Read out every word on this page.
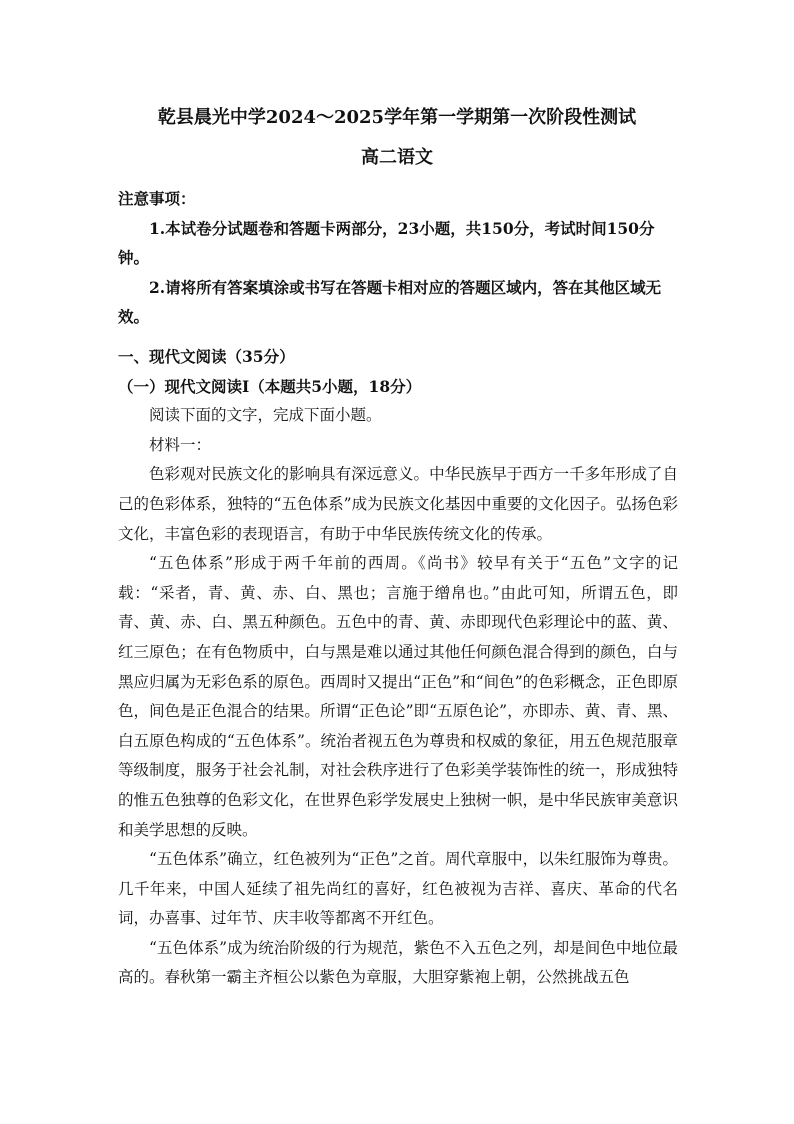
乾县晨光中学2024～2025学年第一学期第一次阶段性测试
高二语文

注意事项：

1.本试卷分试题卷和答题卡两部分，23小题，共150分，考试时间150分钟。

2.请将所有答案填涂或书写在答题卡相对应的答题区域内，答在其他区域无效。

一、现代文阅读（35分）

（一）现代文阅读Ⅰ（本题共5小题，18分）

阅读下面的文字，完成下面小题。

材料一：

色彩观对民族文化的影响具有深远意义。中华民族早于西方一千多年形成了自己的色彩体系，独特的“五色体系”成为民族文化基因中重要的文化因子。弘扬色彩文化，丰富色彩的表现语言，有助于中华民族传统文化的传承。

“五色体系”形成于两千年前的西周。《尚书》较早有关于“五色”文字的记载：“采者，青、黄、赤、白、黑也；言施于缯帛也。”由此可知，所谓五色，即青、黄、赤、白、黑五种颜色。五色中的青、黄、赤即现代色彩理论中的蓝、黄、红三原色；在有色物质中，白与黑是难以通过其他任何颜色混合得到的颜色，白与黑应归属为无彩色系的原色。西周时又提出“正色”和“间色”的色彩概念，正色即原色，间色是正色混合的结果。所谓“正色论”即“五原色论”，亦即赤、黄、青、黑、白五原色构成的“五色体系”。统治者视五色为尊贵和权威的象征，用五色规范服章等级制度，服务于社会礼制，对社会秩序进行了色彩美学装饰性的统一，形成独特的惟五色独尊的色彩文化，在世界色彩学发展史上独树一帜，是中华民族审美意识和美学思想的反映。

“五色体系”确立，红色被列为“正色”之首。周代章服中，以朱红服饰为尊贵。几千年来，中国人延续了祖先尚红的喜好，红色被视为吉祥、喜庆、革命的代名词，办喜事、过年节、庆丰收等都离不开红色。

“五色体系”成为统治阶级的行为规范，紫色不入五色之列，却是间色中地位最高的。春秋第一霸主齐桓公以紫色为章服，大胆穿紫袍上朝，公然挑战五色
